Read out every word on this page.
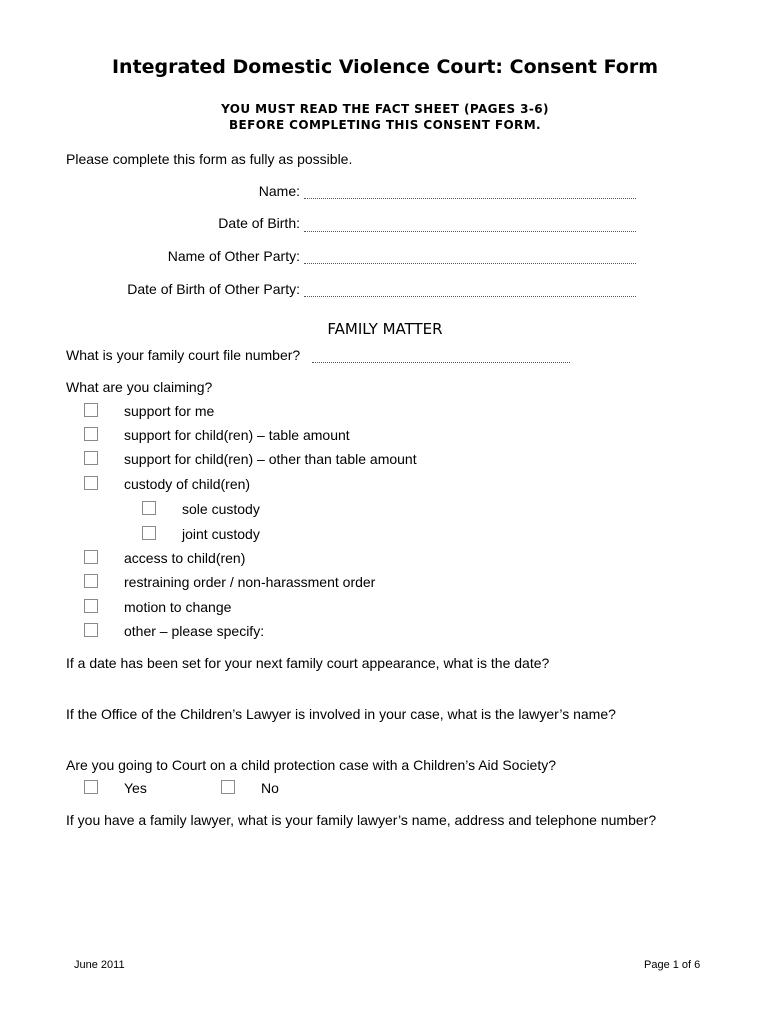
Integrated Domestic Violence Court: Consent Form
YOU MUST READ THE FACT SHEET (PAGES 3-6)
BEFORE COMPLETING THIS CONSENT FORM.
Please complete this form as fully as possible.
Name:
Date of Birth:
Name of Other Party:
Date of Birth of Other Party:
FAMILY MATTER
What is your family court file number?
What are you claiming?
support for me
support for child(ren) – table amount
support for child(ren) – other than table amount
custody of child(ren)
sole custody
joint custody
access to child(ren)
restraining order / non-harassment order
motion to change
other – please specify:
If a date has been set for your next family court appearance, what is the date?
If the Office of the Children’s Lawyer is involved in your case, what is the lawyer’s name?
Are you going to Court on a child protection case with a Children’s Aid Society?
Yes	No
If you have a family lawyer, what is your family lawyer’s name, address and telephone number?
June 2011	Page 1 of 6
